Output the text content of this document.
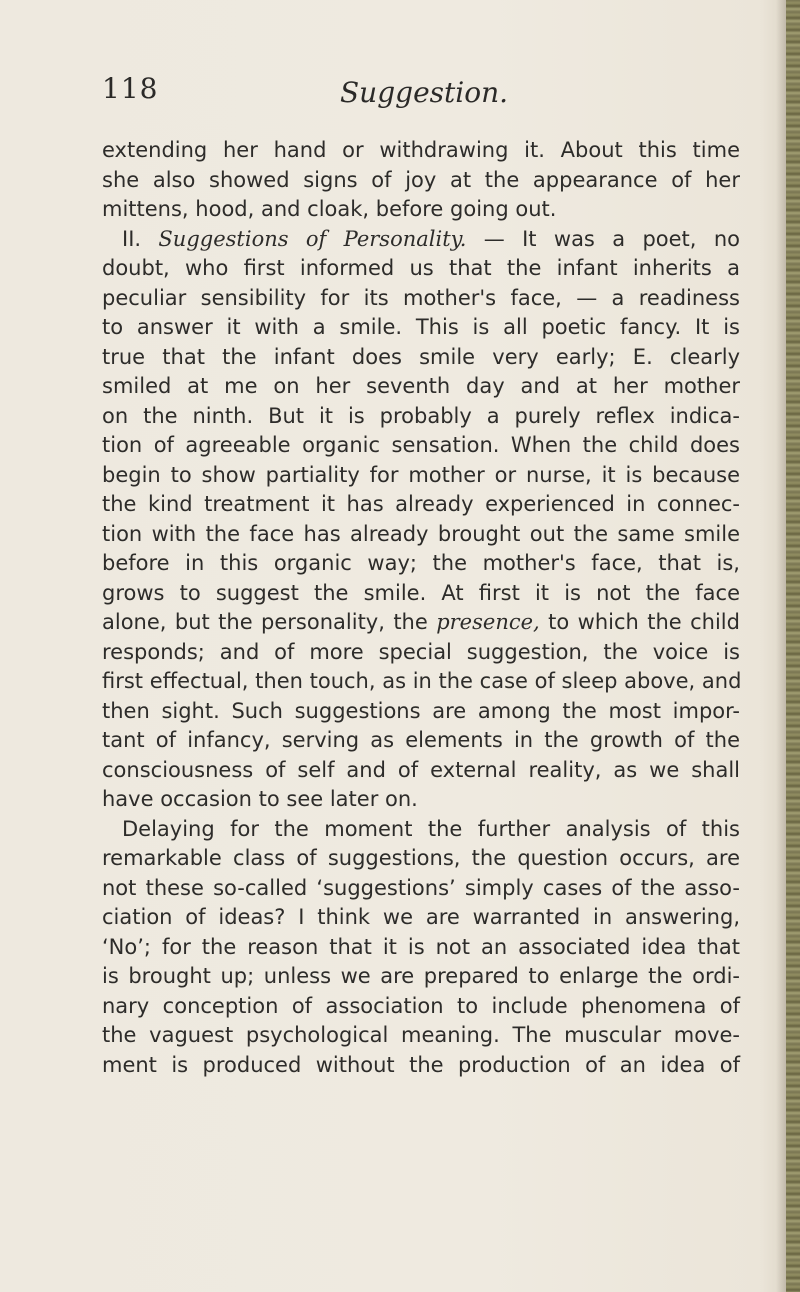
118	Suggestion.
extending her hand or withdrawing it. About this time
she also showed signs of joy at the appearance of her
mittens, hood, and cloak, before going out.
II. Suggestions of Personality. — It was a poet, no
doubt, who first informed us that the infant inherits a
peculiar sensibility for its mother's face, — a readiness
to answer it with a smile. This is all poetic fancy. It is
true that the infant does smile very early; E. clearly
smiled at me on her seventh day and at her mother
on the ninth. But it is probably a purely reflex indica-
tion of agreeable organic sensation. When the child does
begin to show partiality for mother or nurse, it is because
the kind treatment it has already experienced in connec-
tion with the face has already brought out the same smile
before in this organic way; the mother's face, that is,
grows to suggest the smile. At first it is not the face
alone, but the personality, the presence, to which the child
responds; and of more special suggestion, the voice is
first effectual, then touch, as in the case of sleep above, and
then sight. Such suggestions are among the most impor-
tant of infancy, serving as elements in the growth of the
consciousness of self and of external reality, as we shall
have occasion to see later on.
Delaying for the moment the further analysis of this
remarkable class of suggestions, the question occurs, are
not these so-called ‘suggestions’ simply cases of the asso-
ciation of ideas? I think we are warranted in answering,
‘No’; for the reason that it is not an associated idea that
is brought up; unless we are prepared to enlarge the ordi-
nary conception of association to include phenomena of
the vaguest psychological meaning. The muscular move-
ment is produced without the production of an idea of
